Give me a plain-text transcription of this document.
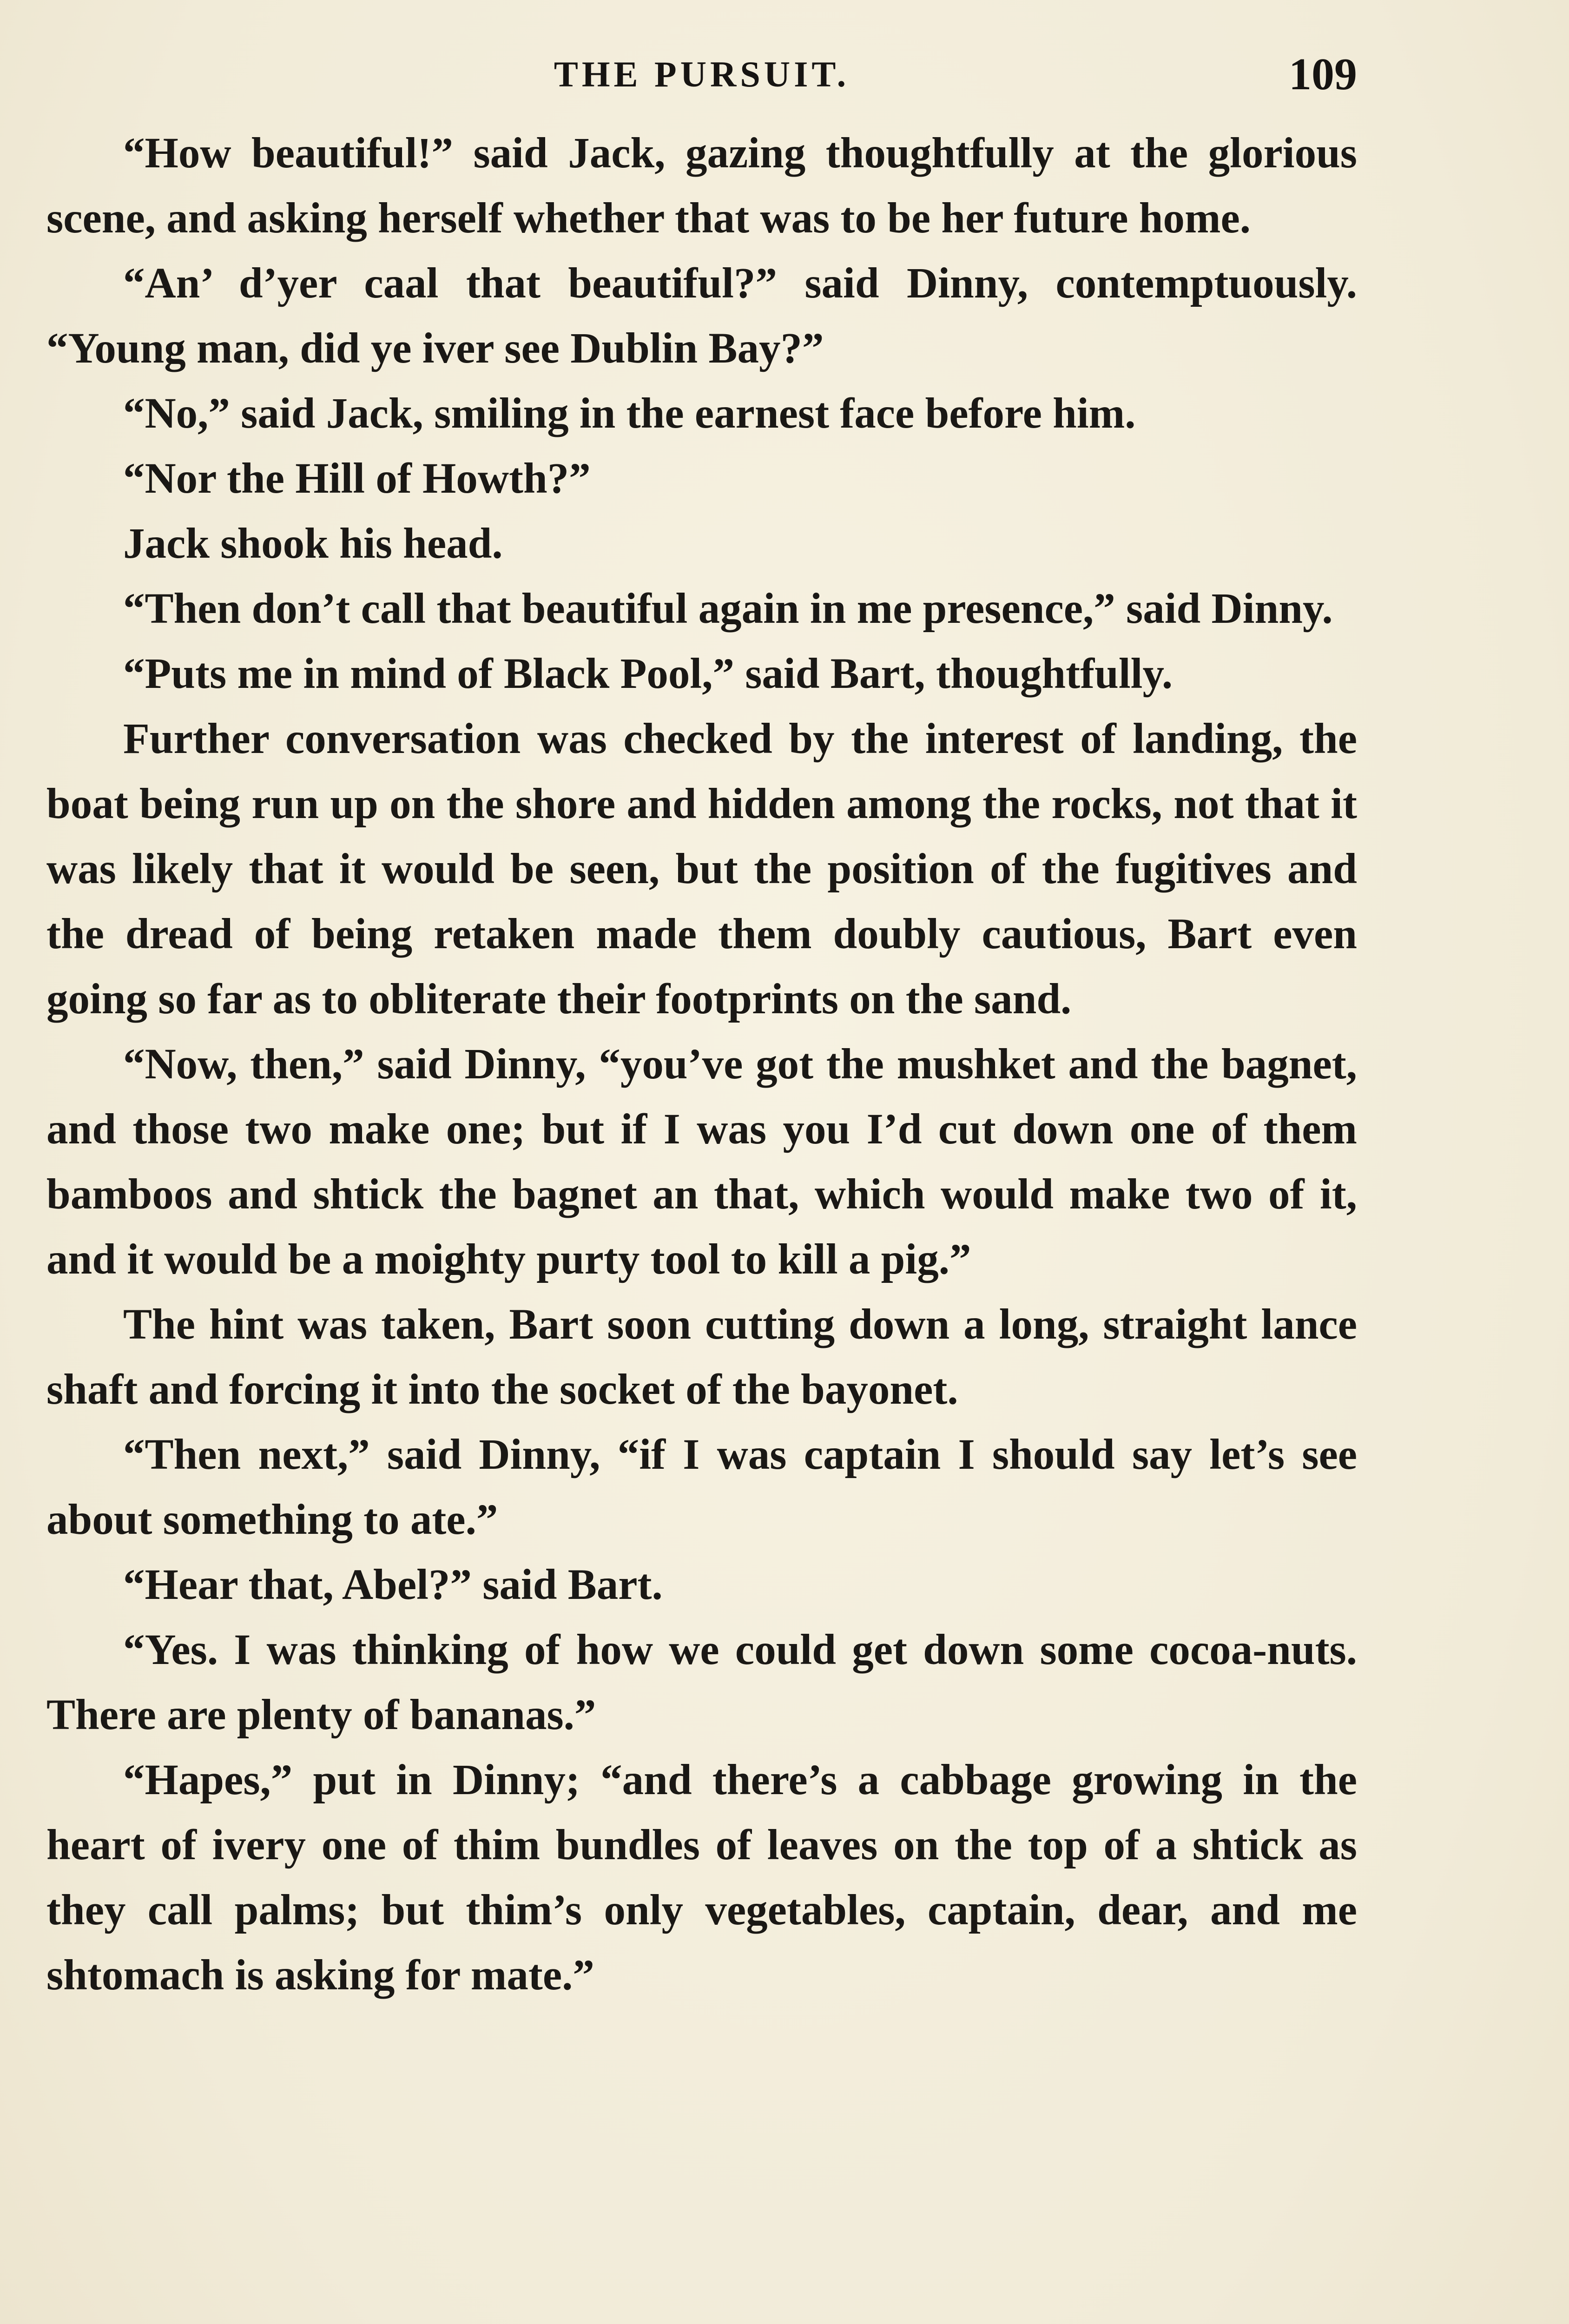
THE PURSUIT.	109

“How beautiful!” said Jack, gazing thoughtfully at the glorious scene, and asking herself whether that was to be her future home.

“An’ d’yer caal that beautiful?” said Dinny, contemptuously. “Young man, did ye iver see Dublin Bay?”

“No,” said Jack, smiling in the earnest face before him.

“Nor the Hill of Howth?”

Jack shook his head.

“Then don’t call that beautiful again in me presence,” said Dinny.

“Puts me in mind of Black Pool,” said Bart, thoughtfully.

Further conversation was checked by the interest of landing, the boat being run up on the shore and hidden among the rocks, not that it was likely that it would be seen, but the position of the fugitives and the dread of being retaken made them doubly cautious, Bart even going so far as to obliterate their footprints on the sand.

“Now, then,” said Dinny, “you’ve got the mushket and the bagnet, and those two make one; but if I was you I’d cut down one of them bamboos and shtick the bagnet an that, which would make two of it, and it would be a moighty purty tool to kill a pig.”

The hint was taken, Bart soon cutting down a long, straight lance shaft and forcing it into the socket of the bayonet.

“Then next,” said Dinny, “if I was captain I should say let’s see about something to ate.”

“Hear that, Abel?” said Bart.

“Yes. I was thinking of how we could get down some cocoa-nuts. There are plenty of bananas.”

“Hapes,” put in Dinny; “and there’s a cabbage growing in the heart of ivery one of thim bundles of leaves on the top of a shtick as they call palms; but thim’s only vegetables, captain, dear, and me shtomach is asking for mate.”
